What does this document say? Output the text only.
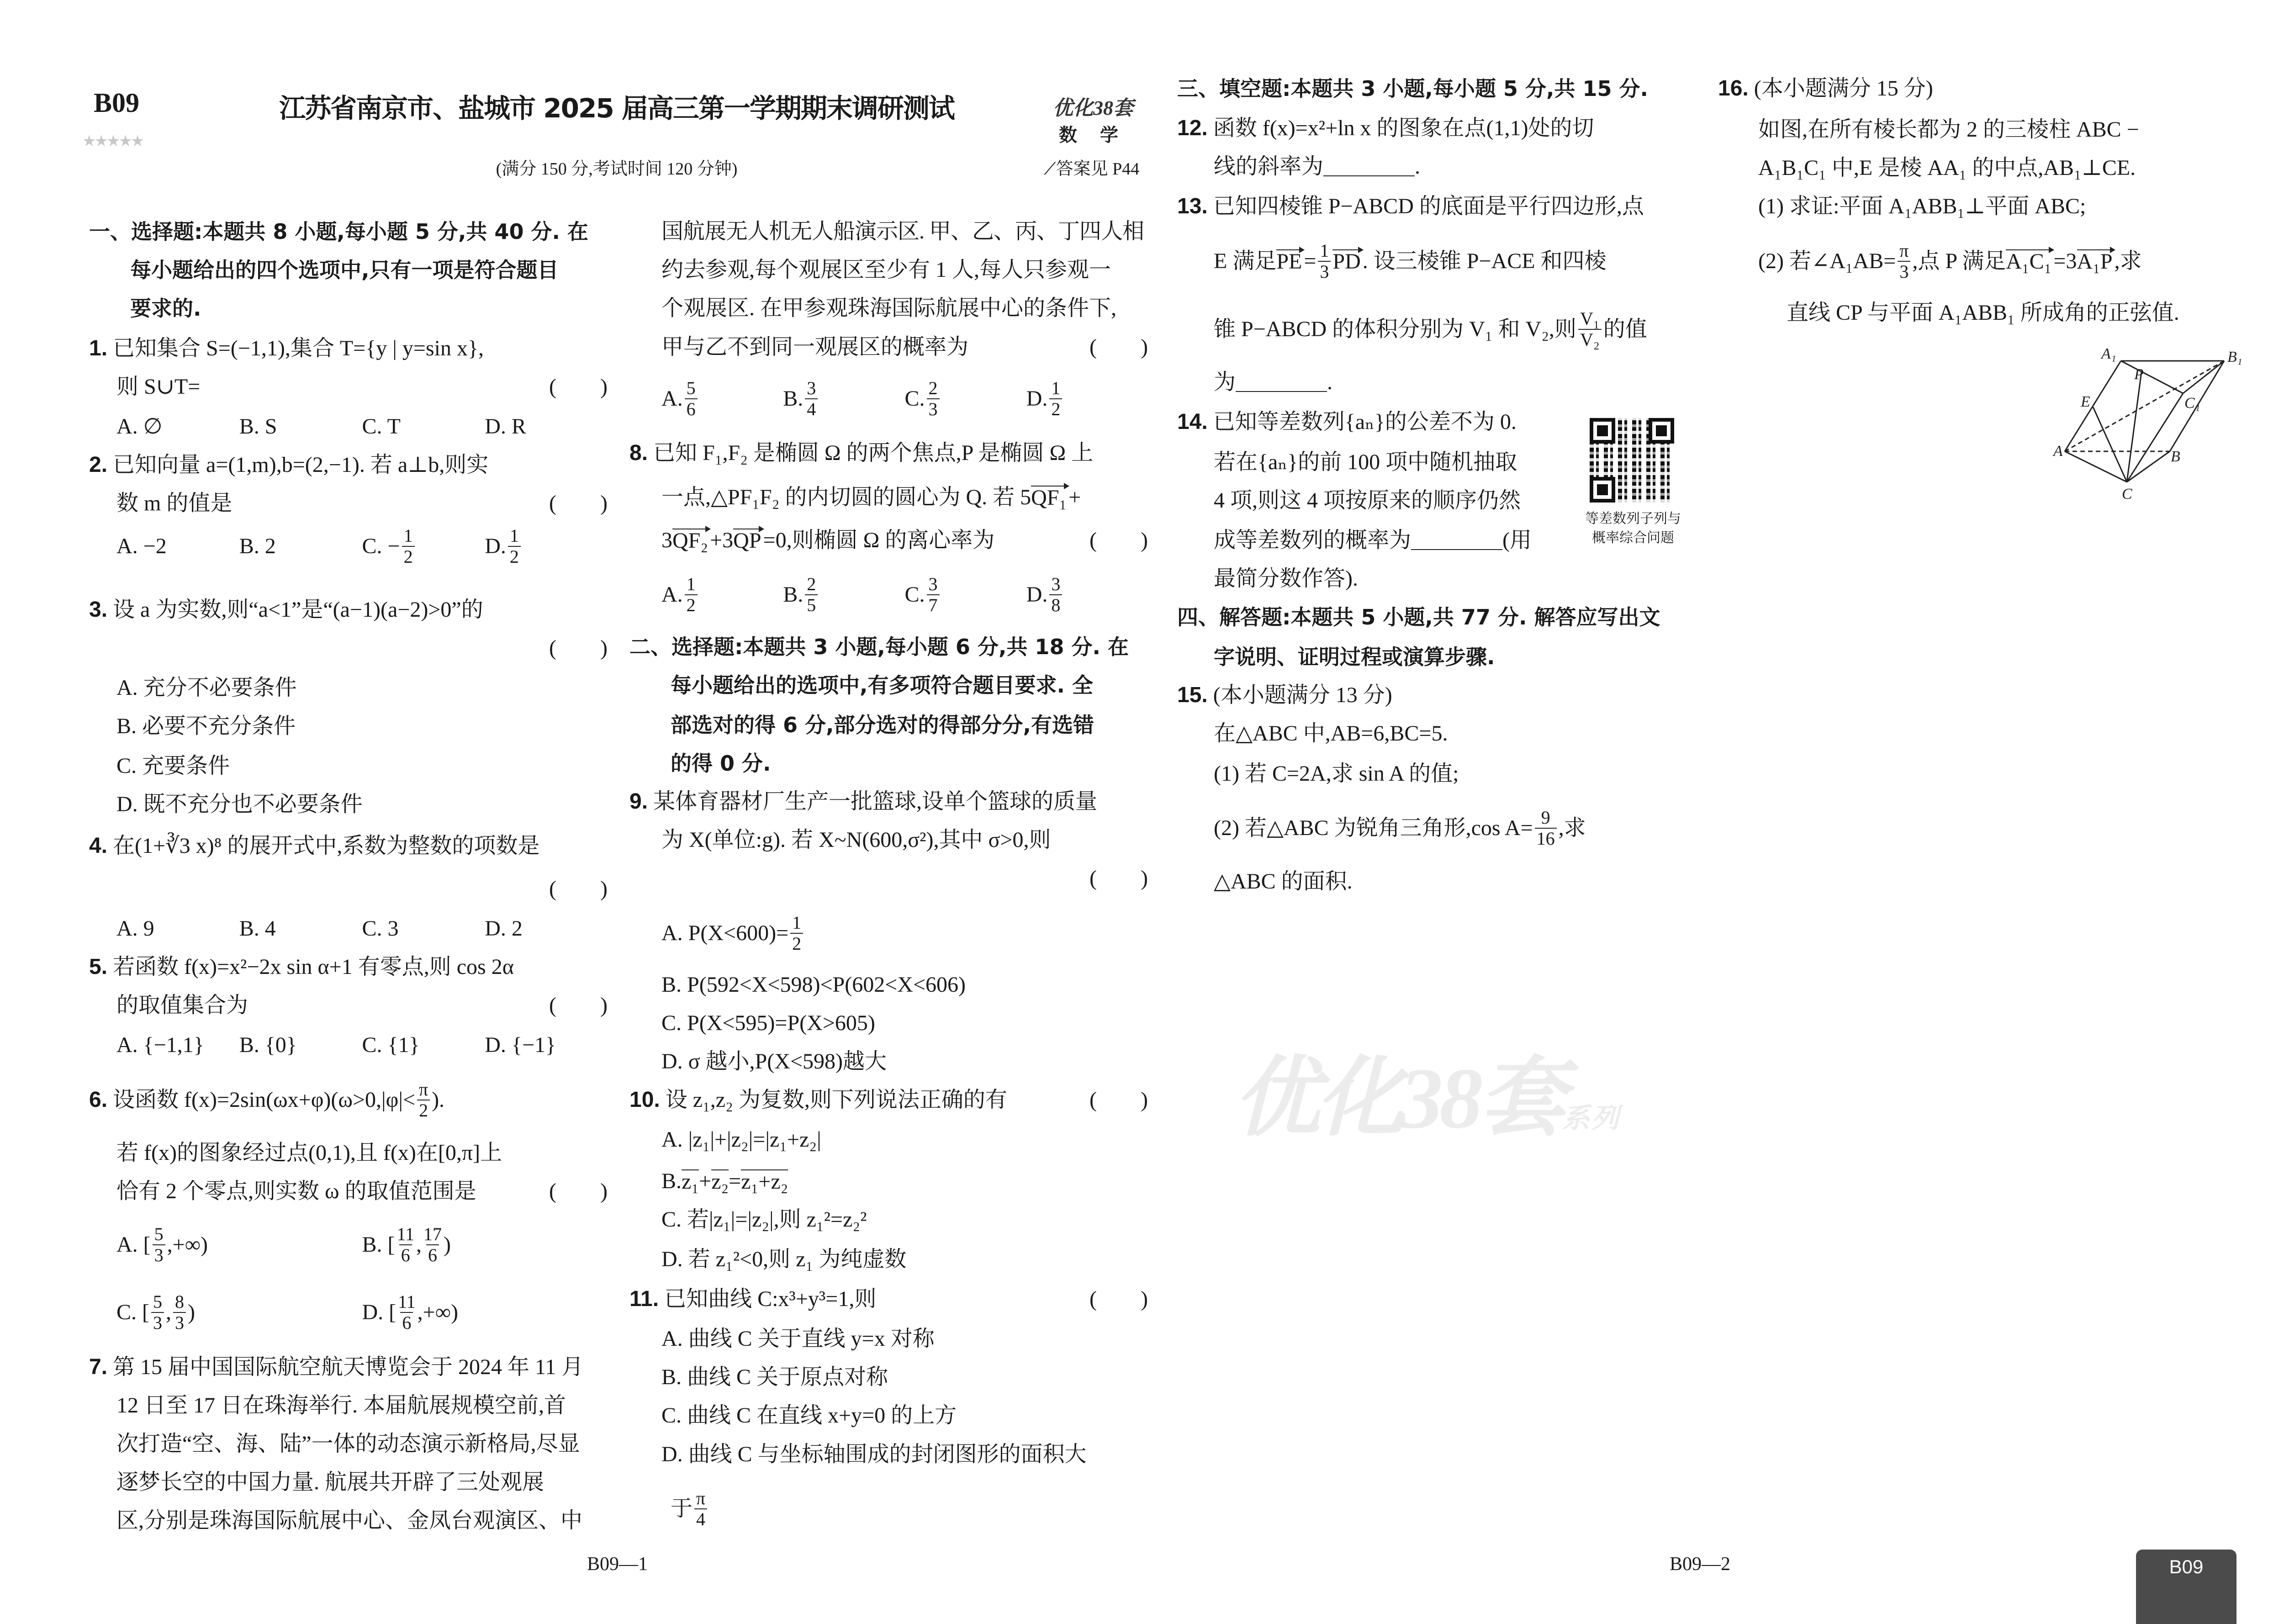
B09
★★★★★
江苏省南京市、盐城市 2025 届高三第一学期期末调研测试
(满分 150 分,考试时间 120 分钟)
优化38套
数 学
⟋答案见 P44
优化38套系列
等差数列子列与
概率综合问题
A₁	B₁
P
C₁
E
A	B
C
B09—1	B09—2	B09
一、选择题:本题共 8 小题,每小题 5 分,共 40 分. 在
每小题给出的四个选项中,只有一项是符合题目
要求的.
1. 已知集合 S=(−1,1),集合 T={y | y=sin x},
则 S∪T=	(　　)
A. ∅	B. S	C. T	D. R
2. 已知向量 a=(1,m),b=(2,−1). 若 a⊥b,则实
数 m 的值是	(　　)
A. −2	B. 2	C. − $\frac{1}{2}$	D. $\frac{1}{2}$
3. 设 a 为实数,则“a<1”是“(a−1)(a−2)>0”的
(　　)
A. 充分不必要条件
B. 必要不充分条件
C. 充要条件
D. 既不充分也不必要条件
4. 在(1+∛3 x)⁸ 的展开式中,系数为整数的项数是
(　　)
A. 9	B. 4	C. 3	D. 2
5. 若函数 f(x)=x²−2x sin α+1 有零点,则 cos 2α
的取值集合为	(　　)
A. {−1,1}	B. {0}	C. {1}	D. {−1}
6. 设函数 $f(x)=2\sin(\omega x+\varphi)(\omega>0,|\varphi|< \frac{\pi}{2}$ ).
若 f(x)的图象经过点(0,1),且 f(x)在[0,π]上
恰有 2 个零点,则实数 ω 的取值范围是	(　　)
A. [ $\frac{5}{3}$ ,+∞)	B. [ $\frac{11}{6}$ , $\frac{17}{6}$ )
C. [ $\frac{5}{3}$ , $\frac{8}{3}$ )	D. [ $\frac{11}{6}$ ,+∞)
7. 第 15 届中国国际航空航天博览会于 2024 年 11 月
12 日至 17 日在珠海举行. 本届航展规模空前,首
次打造“空、海、陆”一体的动态演示新格局,尽显
逐梦长空的中国力量. 航展共开辟了三处观展
区,分别是珠海国际航展中心、金凤台观演区、中
国航展无人机无人船演示区. 甲、乙、丙、丁四人相
约去参观,每个观展区至少有 1 人,每人只参观一
个观展区. 在甲参观珠海国际航展中心的条件下,
甲与乙不到同一观展区的概率为	(　　)
A. $\frac{5}{6}$	B. $\frac{3}{4}$	C. $\frac{2}{3}$	D. $\frac{1}{2}$
8. 已知 F₁,F₂ 是椭圆 Ω 的两个焦点,P 是椭圆 Ω 上
一点,△PF₁F₂ 的内切圆的圆心为 Q. 若 5 QF₁ +
3 QF₂ +3 QP =0,则椭圆 Ω 的离心率为	(　　)
A. $\frac{1}{2}$	B. $\frac{2}{5}$	C. $\frac{3}{7}$	D. $\frac{3}{8}$
二、选择题:本题共 3 小题,每小题 6 分,共 18 分. 在
每小题给出的选项中,有多项符合题目要求. 全
部选对的得 6 分,部分选对的得部分分,有选错
的得 0 分.
9. 某体育器材厂生产一批篮球,设单个篮球的质量
为 X(单位:g). 若 X~N(600,σ²),其中 σ>0,则
(　　)
A. $P(X<600)= \frac{1}{2}$
B. P(592<X<598)<P(602<X<606)
C. P(X<595)=P(X>605)
D. σ 越小,P(X<598)越大
10. 设 z₁,z₂ 为复数,则下列说法正确的有	(　　)
A. |z₁|+|z₂|=|z₁+z₂|
B. z₁ + z₂ = z₁+z₂
C. 若|z₁|=|z₂|,则 z₁²=z₂²
D. 若 z₁²<0,则 z₁ 为纯虚数
11. 已知曲线 C:x³+y³=1,则	(　　)
A. 曲线 C 关于直线 y=x 对称
B. 曲线 C 关于原点对称
C. 曲线 C 在直线 x+y=0 的上方
D. 曲线 C 与坐标轴围成的封闭图形的面积大
于 $\frac{\pi}{4}$
三、填空题:本题共 3 小题,每小题 5 分,共 15 分.
12. 函数 f(x)=x²+ln x 的图象在点(1,1)处的切
线的斜率为	.
13. 已知四棱锥 P−ABCD 的底面是平行四边形,点
E 满足 PE = $\frac{1}{3}$ PD . 设三棱锥 P−ACE 和四棱
锥 P−ABCD 的体积分别为 V₁ 和 V₂,则 $\frac{\text{V₁}}{\text{V₂}}$ 的值
为	.
14. 已知等差数列{aₙ}的公差不为 0.
若在{aₙ}的前 100 项中随机抽取
4 项,则这 4 项按原来的顺序仍然
成等差数列的概率为	(用
最简分数作答).
四、解答题:本题共 5 小题,共 77 分. 解答应写出文
字说明、证明过程或演算步骤.
15. (本小题满分 13 分)
在△ABC 中,AB=6,BC=5.
(1) 若 C=2A,求 sin A 的值;
(2) 若△ABC 为锐角三角形,cos $A= \frac{9}{16}$ ,求
△ABC 的面积.
16. (本小题满分 15 分)
如图,在所有棱长都为 2 的三棱柱 ABC −
A₁B₁C₁ 中,E 是棱 AA₁ 的中点,AB₁⊥CE.
(1) 求证:平面 A₁ABB₁⊥平面 ABC;
(2) 若∠A₁AB= $\frac{\pi}{3}$ ,点 P 满足 A₁C₁ =3 A₁P ,求
直线 CP 与平面 A₁ABB₁ 所成角的正弦值.
